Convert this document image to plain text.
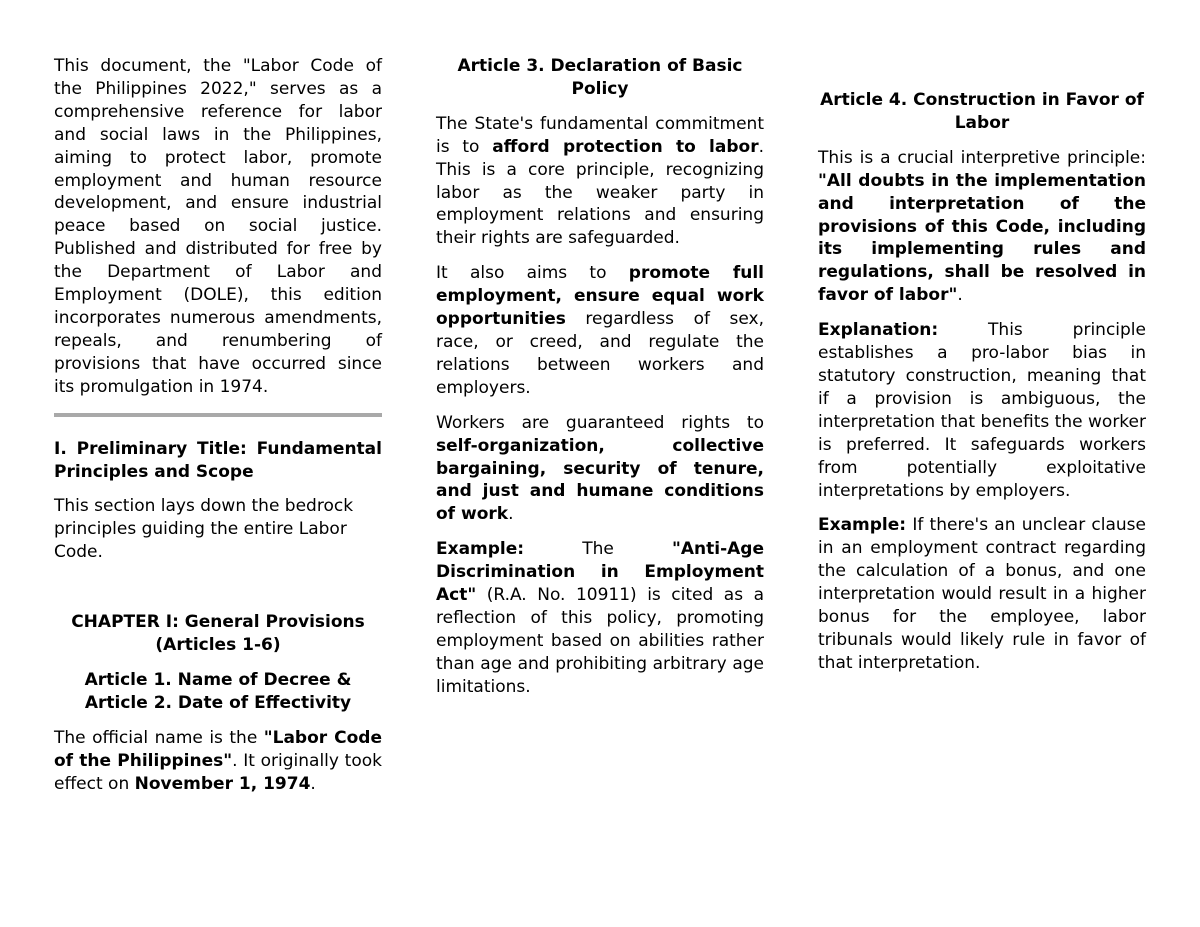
This document, the "Labor Code of the Philippines 2022," serves as a comprehensive reference for labor and social laws in the Philippines, aiming to protect labor, promote employment and human resource development, and ensure industrial peace based on social justice. Published and distributed for free by the Department of Labor and Employment (DOLE), this edition incorporates numerous amendments, repeals, and renumbering of provisions that have occurred since its promulgation in 1974.

I. Preliminary Title: Fundamental Principles and Scope

This section lays down the bedrock principles guiding the entire Labor Code.

CHAPTER I: General Provisions (Articles 1-6)

Article 1. Name of Decree &

Article 2. Date of Effectivity

The official name is the "Labor Code of the Philippines". It originally took effect on November 1, 1974.

Article 3. Declaration of Basic Policy

The State's fundamental commitment is to afford protection to labor. This is a core principle, recognizing labor as the weaker party in employment relations and ensuring their rights are safeguarded.

It also aims to promote full employment, ensure equal work opportunities regardless of sex, race, or creed, and regulate the relations between workers and employers.

Workers are guaranteed rights to self-organization, collective bargaining, security of tenure, and just and humane conditions of work.

Example: The "Anti-Age Discrimination in Employment Act" (R.A. No. 10911) is cited as a reflection of this policy, promoting employment based on abilities rather than age and prohibiting arbitrary age limitations.

Article 4. Construction in Favor of Labor

This is a crucial interpretive principle: "All doubts in the implementation and interpretation of the provisions of this Code, including its implementing rules and regulations, shall be resolved in favor of labor".

Explanation: This principle establishes a pro-labor bias in statutory construction, meaning that if a provision is ambiguous, the interpretation that benefits the worker is preferred. It safeguards workers from potentially exploitative interpretations by employers.

Example: If there's an unclear clause in an employment contract regarding the calculation of a bonus, and one interpretation would result in a higher bonus for the employee, labor tribunals would likely rule in favor of that interpretation.
